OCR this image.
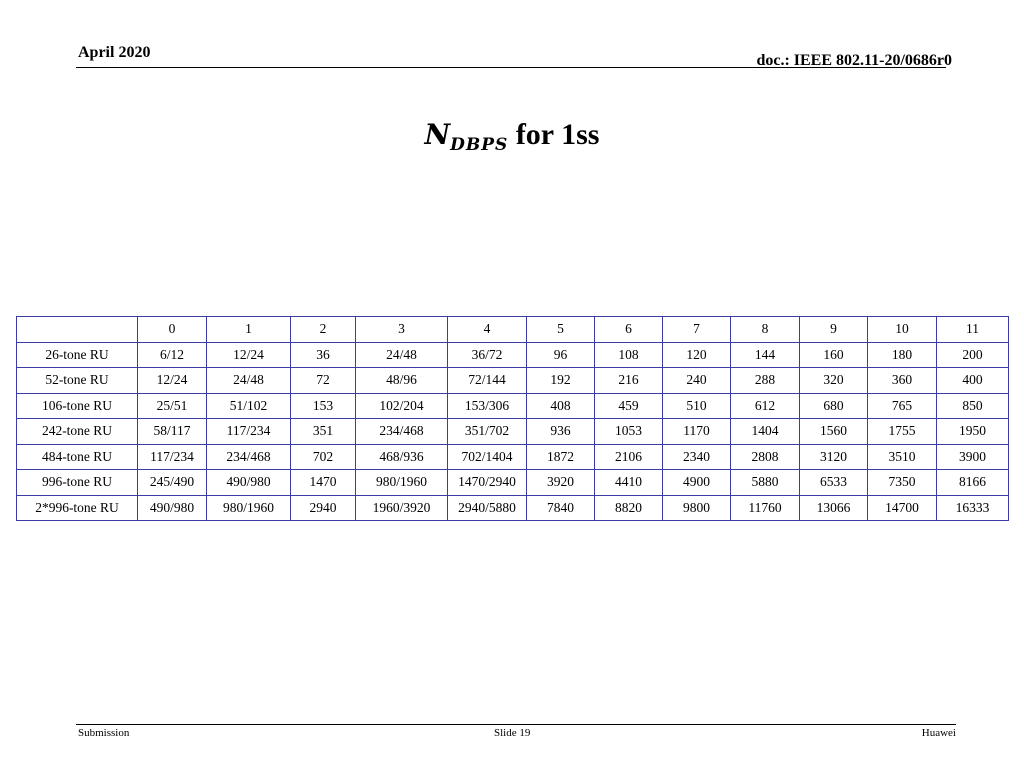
April 2020	doc.: IEEE 802.11-20/0686r0
$N_{DBPS}$ for 1ss
	0	1	2	3	4	5	6	7	8	9	10	11
26-tone RU	6/12	12/24	36	24/48	36/72	96	108	120	144	160	180	200
52-tone RU	12/24	24/48	72	48/96	72/144	192	216	240	288	320	360	400
106-tone RU	25/51	51/102	153	102/204	153/306	408	459	510	612	680	765	850
242-tone RU	58/117	117/234	351	234/468	351/702	936	1053	1170	1404	1560	1755	1950
484-tone RU	117/234	234/468	702	468/936	702/1404	1872	2106	2340	2808	3120	3510	3900
996-tone RU	245/490	490/980	1470	980/1960	1470/2940	3920	4410	4900	5880	6533	7350	8166
2*996-tone RU	490/980	980/1960	2940	1960/3920	2940/5880	7840	8820	9800	11760	13066	14700	16333
Submission	Slide 19	Huawei
